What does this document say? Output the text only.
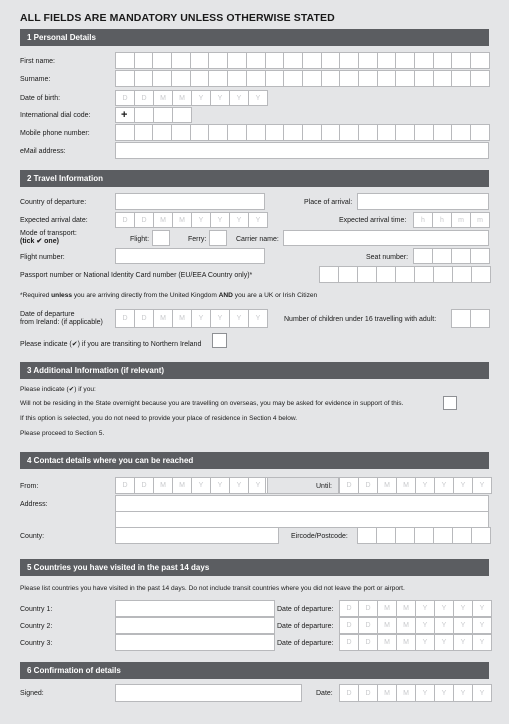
ALL FIELDS ARE MANDATORY UNLESS OTHERWISE STATED
1 Personal Details
First name:
Surname:
Date of birth:	D	D	M	M	Y	Y	Y	Y
International dial code:	+
Mobile phone number:
eMail address:
2 Travel Information
Country of departure:	Place of arrival:
Expected arrival date:	D	D	M	M	Y	Y	Y	Y	Expected arrival time:	h	h	m	m
Mode of transport:
(tick ✔ one)	Flight:	Ferry:	Carrier name:
Flight number:	Seat number:
Passport number or National Identity Card number (EU/EEA Country only)*
*Required unless you are arriving directly from the United Kingdom AND you are a UK or Irish Citizen
Date of departure
from Ireland: (if applicable)
D	D	M	M	Y	Y	Y	Y	Number of children under 16 travelling with adult:
Please indicate (✔) if you are transiting to Northern Ireland
3 Additional Information (if relevant)
Please indicate (✔) if you:
Will not be residing in the State overnight because you are travelling on overseas, you may be asked for evidence in support of this.
If this option is selected, you do not need to provide your place of residence in Section 4 below.
Please proceed to Section 5.
4 Contact details where you can be reached
From:	D	D	M	M	Y	Y	Y	Y	Until:	D	D	M	M	Y	Y	Y	Y
Address:
County:	Eircode/Postcode:
5 Countries you have visited in the past 14 days
Please list countries you have visited in the past 14 days. Do not include transit countries where you did not leave the port or airport.
Country 1:	Date of departure:	D	D	M	M	Y	Y	Y	Y
Country 2:	Date of departure:	D	D	M	M	Y	Y	Y	Y
Country 3:	Date of departure:	D	D	M	M	Y	Y	Y	Y
6 Confirmation of details
Signed:	Date:	D	D	M	M	Y	Y	Y	Y
